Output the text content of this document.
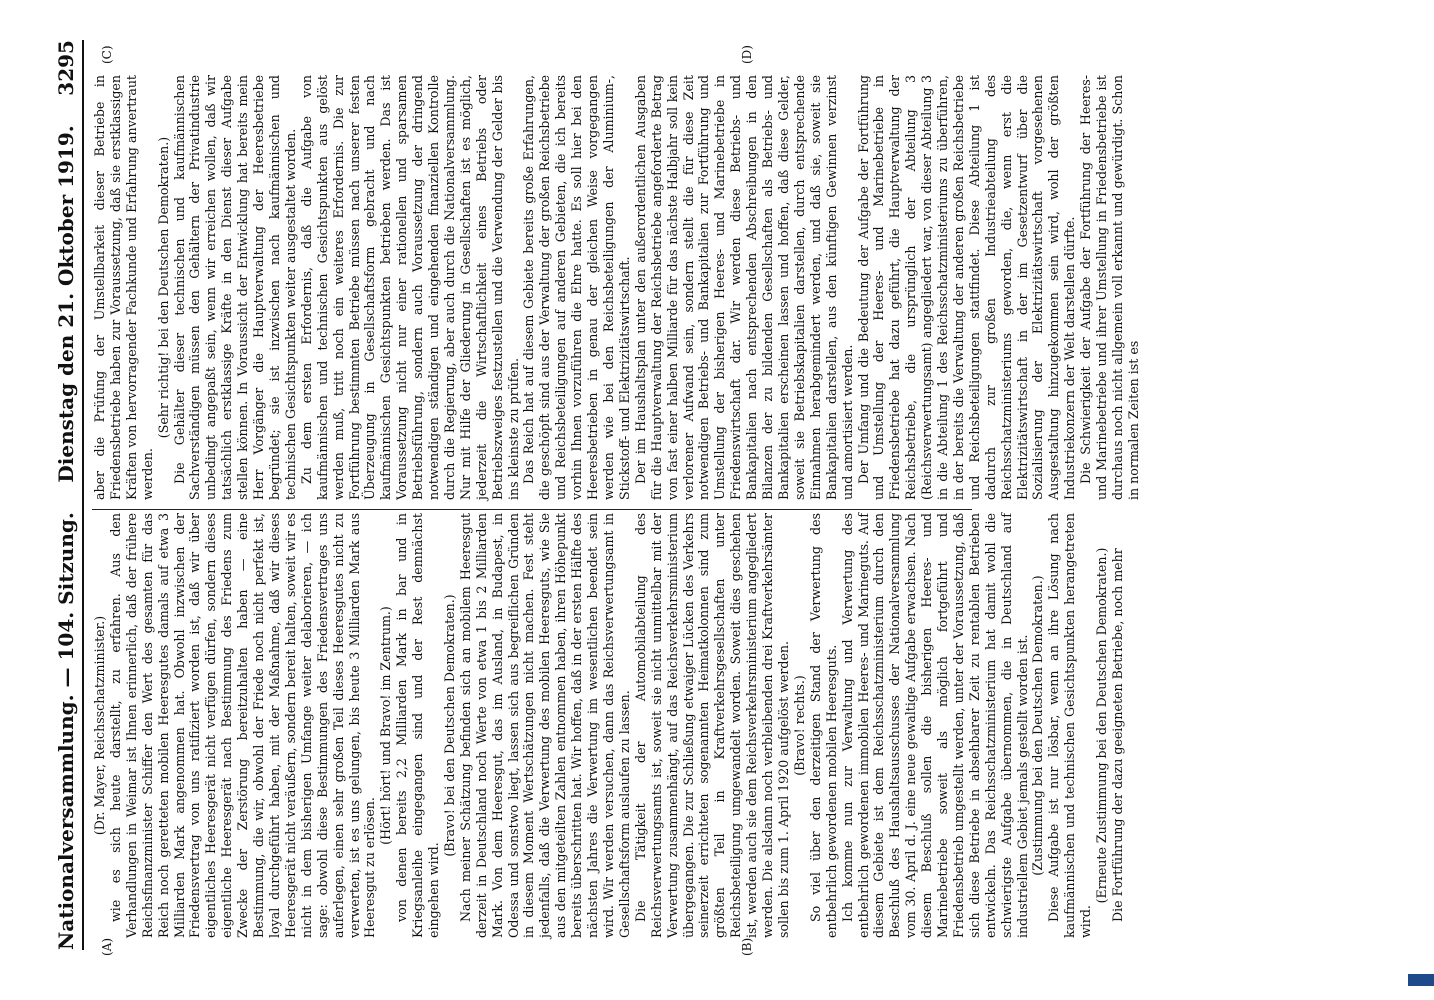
Nationalversammlung. — 104. Sitzung.
Dienstag den 21. Oktober 1919.
3295
(A)	(B)
(C)	(D)

(Dr. Mayer, Reichsschatzminister.) wie es sich heute darstellt, zu erfahren. Aus den Verhandlungen in Weimar ist Ihnen erinnerlich, daß der frühere Reichsfinanzminister Schiffer den Wert des gesamten für das Reich noch geretteten mobilen Heeresgutes damals auf etwa 3 Milliarden Mark angenommen hat. Obwohl inzwischen der Friedensvertrag von uns ratifiziert worden ist, daß wir über eigentliches Heeresgerät nicht verfügen dürfen, sondern dieses eigentliche Heeresgerät nach Bestimmung des Friedens zum Zwecke der Zerstörung bereitzuhalten haben — eine Bestimmung, die wir, obwohl der Friede noch nicht perfekt ist, loyal durchgeführt haben, mit der Maßnahme, daß wir dieses Heeresgerät nicht veräußern, sondern bereit halten, soweit wir es nicht in dem bisherigen Umfange weiter delaborieren, — ich sage: obwohl diese Bestimmungen des Friedensvertrages uns auferlegen, einen sehr großen Teil dieses Heeresgutes nicht zu verwerten, ist es uns gelungen, bis heute 3 Milliarden Mark aus Heeresgut zu erlösen.

(Hört! hört! und Bravo! im Zentrum.) von denen bereits 2,2 Milliarden Mark in bar und in Kriegsanleihe eingegangen sind und der Rest demnächst eingehen wird.

(Bravo! bei den Deutschen Demokraten.) Nach meiner Schätzung befinden sich an mobilem Heeresgut derzeit in Deutschland noch Werte von etwa 1 bis 2 Milliarden Mark. Von dem Heeresgut, das im Ausland, in Budapest, in Odessa und sonstwo liegt, lassen sich aus begreiflichen Gründen in diesem Moment Wertschätzungen nicht machen. Fest steht jedenfalls, daß die Verwertung des mobilen Heeresguts, wie Sie aus den mitgeteilten Zahlen entnommen haben, ihren Höhepunkt bereits überschritten hat. Wir hoffen, daß in der ersten Hälfte des nächsten Jahres die Verwertung im wesentlichen beendet sein wird. Wir werden versuchen, dann das Reichsverwertungsamt in Gesellschaftsform auslaufen zu lassen. Die Tätigkeit der Automobilabteilung des Reichsverwertungsamts ist, soweit sie nicht unmittelbar mit der Verwertung zusammenhängt, auf das Reichsverkehrsministerium übergegangen. Die zur Schließung etwaiger Lücken des Verkehrs seinerzeit errichteten sogenannten Heimatkolonnen sind zum größten Teil in Kraftverkehrsgesellschaften unter Reichsbeteiligung umgewandelt worden. Soweit dies geschehen ist, werden auch sie dem Reichsverkehrsministerium angegliedert werden. Die alsdann noch verbleibenden drei Kraftverkehrsämter sollen bis zum 1. April 1920 aufgelöst werden. (Bravo! rechts.) So viel über den derzeitigen Stand der Verwertung des entbehrlich gewordenen mobilen Heeresguts. Ich komme nun zur Verwaltung und Verwertung des entbehrlich gewordenen immobilen Heeres- und Marineguts. Auf diesem Gebiete ist dem Reichsschatzministerium durch den Beschluß des Haushaltsausschusses der Nationalversammlung vom 30. April d. J. eine neue gewaltige Aufgabe erwachsen. Nach diesem Beschluß sollen die bisherigen Heeres- und Marinebetriebe soweit als möglich fortgeführt und Friedensbetrieb umgestellt werden, unter der Voraussetzung, daß sich diese Betriebe in absehbarer Zeit zu rentablen Betrieben entwickeln. Das Reichsschatzministerium hat damit wohl die schwierigste Aufgabe übernommen, die in Deutschland auf industriellem Gebiet jemals gestellt worden ist. (Zustimmung bei den Deutschen Demokraten.) Diese Aufgabe ist nur lösbar, wenn an ihre Lösung nach kaufmännischen und technischen Gesichtspunkten herangetreten wird.

(Erneute Zustimmung bei den Deutschen Demokraten.) Die Fortführung der dazu geeigneten Betriebe, noch mehr

aber die Prüfung der Umstellbarkeit dieser Betriebe in Friedensbetriebe haben zur Voraussetzung, daß sie erstklassigen Kräften von hervorragender Fachkunde und Erfahrung anvertraut werden.

(Sehr richtig! bei den Deutschen Demokraten.) Die Gehälter dieser technischen und kaufmännischen Sachverständigen müssen den Gehältern der Privatindustrie unbedingt angepaßt sein, wenn wir erreichen wollen, daß wir tatsächlich erstklassige Kräfte in den Dienst dieser Aufgabe stellen können. In Voraussicht der Entwicklung hat bereits mein Herr Vorgänger die Hauptverwaltung der Heeresbetriebe begründet; sie ist inzwischen nach kaufmännischen und technischen Gesichtspunkten weiter ausgestaltet worden. Zu dem ersten Erfordernis, daß die Aufgabe von kaufmännischen und technischen Gesichtspunkten aus gelöst werden muß, tritt noch ein weiteres Erfordernis. Die zur Fortführung bestimmten Betriebe müssen nach unserer festen Überzeugung in Gesellschaftsform gebracht und nach kaufmännischen Gesichtspunkten betrieben werden. Das ist Voraussetzung nicht nur einer rationellen und sparsamen Betriebsführung, sondern auch Voraussetzung der dringend notwendigen ständigen und eingehenden finanziellen Kontrolle durch die Regierung, aber auch durch die Nationalversammlung. Nur mit Hilfe der Gliederung in Gesellschaften ist es möglich, jederzeit die Wirtschaftlichkeit eines Betriebs oder Betriebszweiges festzustellen und die Verwendung der Gelder bis ins kleinste zu prüfen. Das Reich hat auf diesem Gebiete bereits große Erfahrungen, die geschöpft sind aus der Verwaltung der großen Reichsbetriebe und Reichsbeteiligungen auf anderen Gebieten, die ich bereits vorhin Ihnen vorzuführen die Ehre hatte. Es soll hier bei den Heeresbetrieben in genau der gleichen Weise vorgegangen werden wie bei den Reichsbeteiligungen der Aluminium-, Stickstoff- und Elektrizitätswirtschaft. Der im Haushaltsplan unter den außerordentlichen Ausgaben für die Hauptverwaltung der Reichsbetriebe angeforderte Betrag von fast einer halben Milliarde für das nächste Halbjahr soll kein verlorener Aufwand sein, sondern stellt die für diese Zeit notwendigen Betriebs- und Bankapitalien zur Fortführung und Umstellung der bisherigen Heeres- und Marinebetriebe in Friedenswirtschaft dar. Wir werden diese Betriebs- und Bankapitalien nach entsprechenden Abschreibungen in den Bilanzen der zu bildenden Gesellschaften als Betriebs- und Bankapitalien erscheinen lassen und hoffen, daß diese Gelder, soweit sie Betriebskapitalien darstellen, durch entsprechende Einnahmen herabgemindert werden, und daß sie, soweit sie Bankapitalien darstellen, aus den künftigen Gewinnen verzinst und amortisiert werden. Der Umfang und die Bedeutung der Aufgabe der Fortführung und Umstellung der Heeres- und Marinebetriebe in Friedensbetriebe hat dazu geführt, die Hauptverwaltung der Reichsbetriebe, die ursprünglich der Abteilung 3 (Reichsverwertungsamt) angegliedert war, von dieser Abteilung 3 in die Abteilung 1 des Reichsschatzministeriums zu überführen, in der bereits die Verwaltung der anderen großen Reichsbetriebe und Reichsbeteiligungen stattfindet. Diese Abteilung 1 ist dadurch zur großen Industrieabteilung des Reichsschatzministeriums geworden, die, wenn erst die Elektrizitätswirtschaft in der im Gesetzentwurf über die Sozialisierung der Elektrizitätswirtschaft vorgesehenen Ausgestaltung hinzugekommen sein wird, wohl der größten Industriekonzern der Welt darstellen dürfte. Die Schwierigkeit der Aufgabe der Fortführung der Heeres- und Marinebetriebe und ihrer Umstellung in Friedensbetriebe ist durchaus noch nicht allgemein voll erkannt und gewürdigt. Schon in normalen Zeiten ist es
